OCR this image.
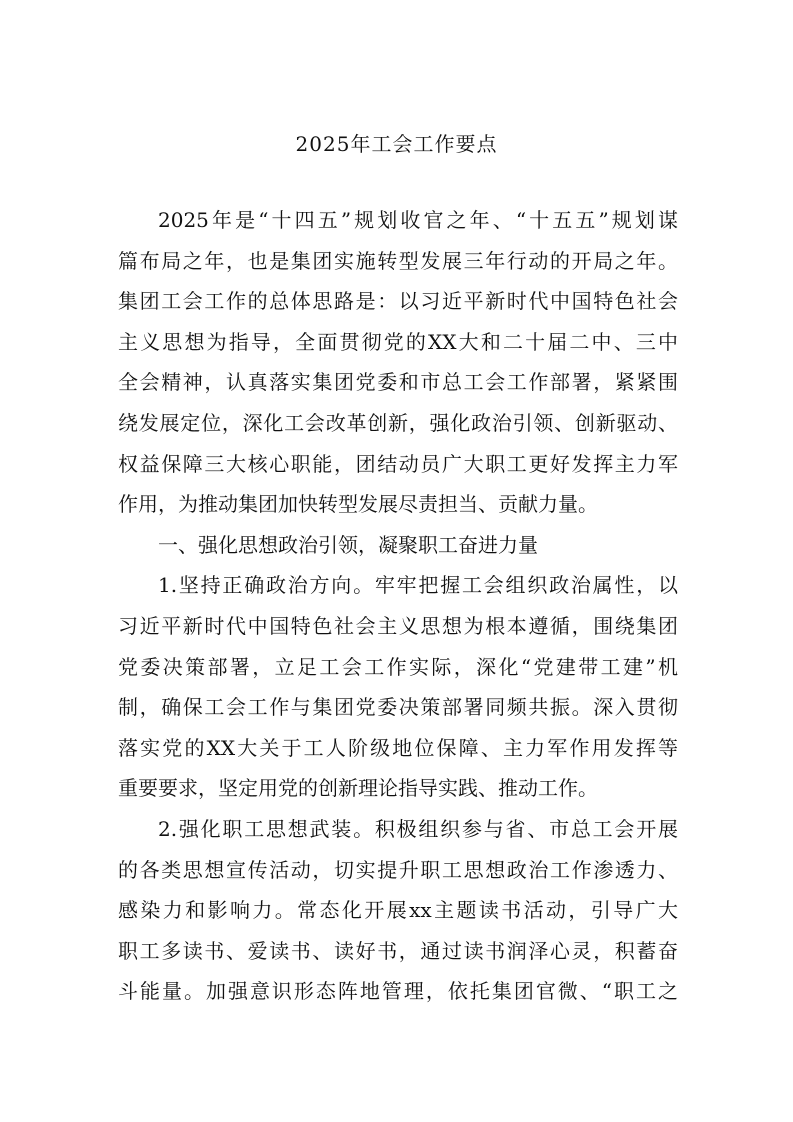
2025年工会工作要点
2025年是“十四五”规划收官之年、“十五五”规划谋
篇布局之年，也是集团实施转型发展三年行动的开局之年。
集团工会工作的总体思路是：以习近平新时代中国特色社会
主义思想为指导，全面贯彻党的XX大和二十届二中、三中
全会精神，认真落实集团党委和市总工会工作部署，紧紧围
绕发展定位，深化工会改革创新，强化政治引领、创新驱动、
权益保障三大核心职能，团结动员广大职工更好发挥主力军
作用，为推动集团加快转型发展尽责担当、贡献力量。
一、强化思想政治引领，凝聚职工奋进力量
1.坚持正确政治方向。牢牢把握工会组织政治属性，以
习近平新时代中国特色社会主义思想为根本遵循，围绕集团
党委决策部署，立足工会工作实际，深化“党建带工建”机
制，确保工会工作与集团党委决策部署同频共振。深入贯彻
落实党的XX大关于工人阶级地位保障、主力军作用发挥等
重要要求，坚定用党的创新理论指导实践、推动工作。
2.强化职工思想武装。积极组织参与省、市总工会开展
的各类思想宣传活动，切实提升职工思想政治工作渗透力、
感染力和影响力。常态化开展xx主题读书活动，引导广大
职工多读书、爱读书、读好书，通过读书润泽心灵，积蓄奋
斗能量。加强意识形态阵地管理，依托集团官微、“职工之
